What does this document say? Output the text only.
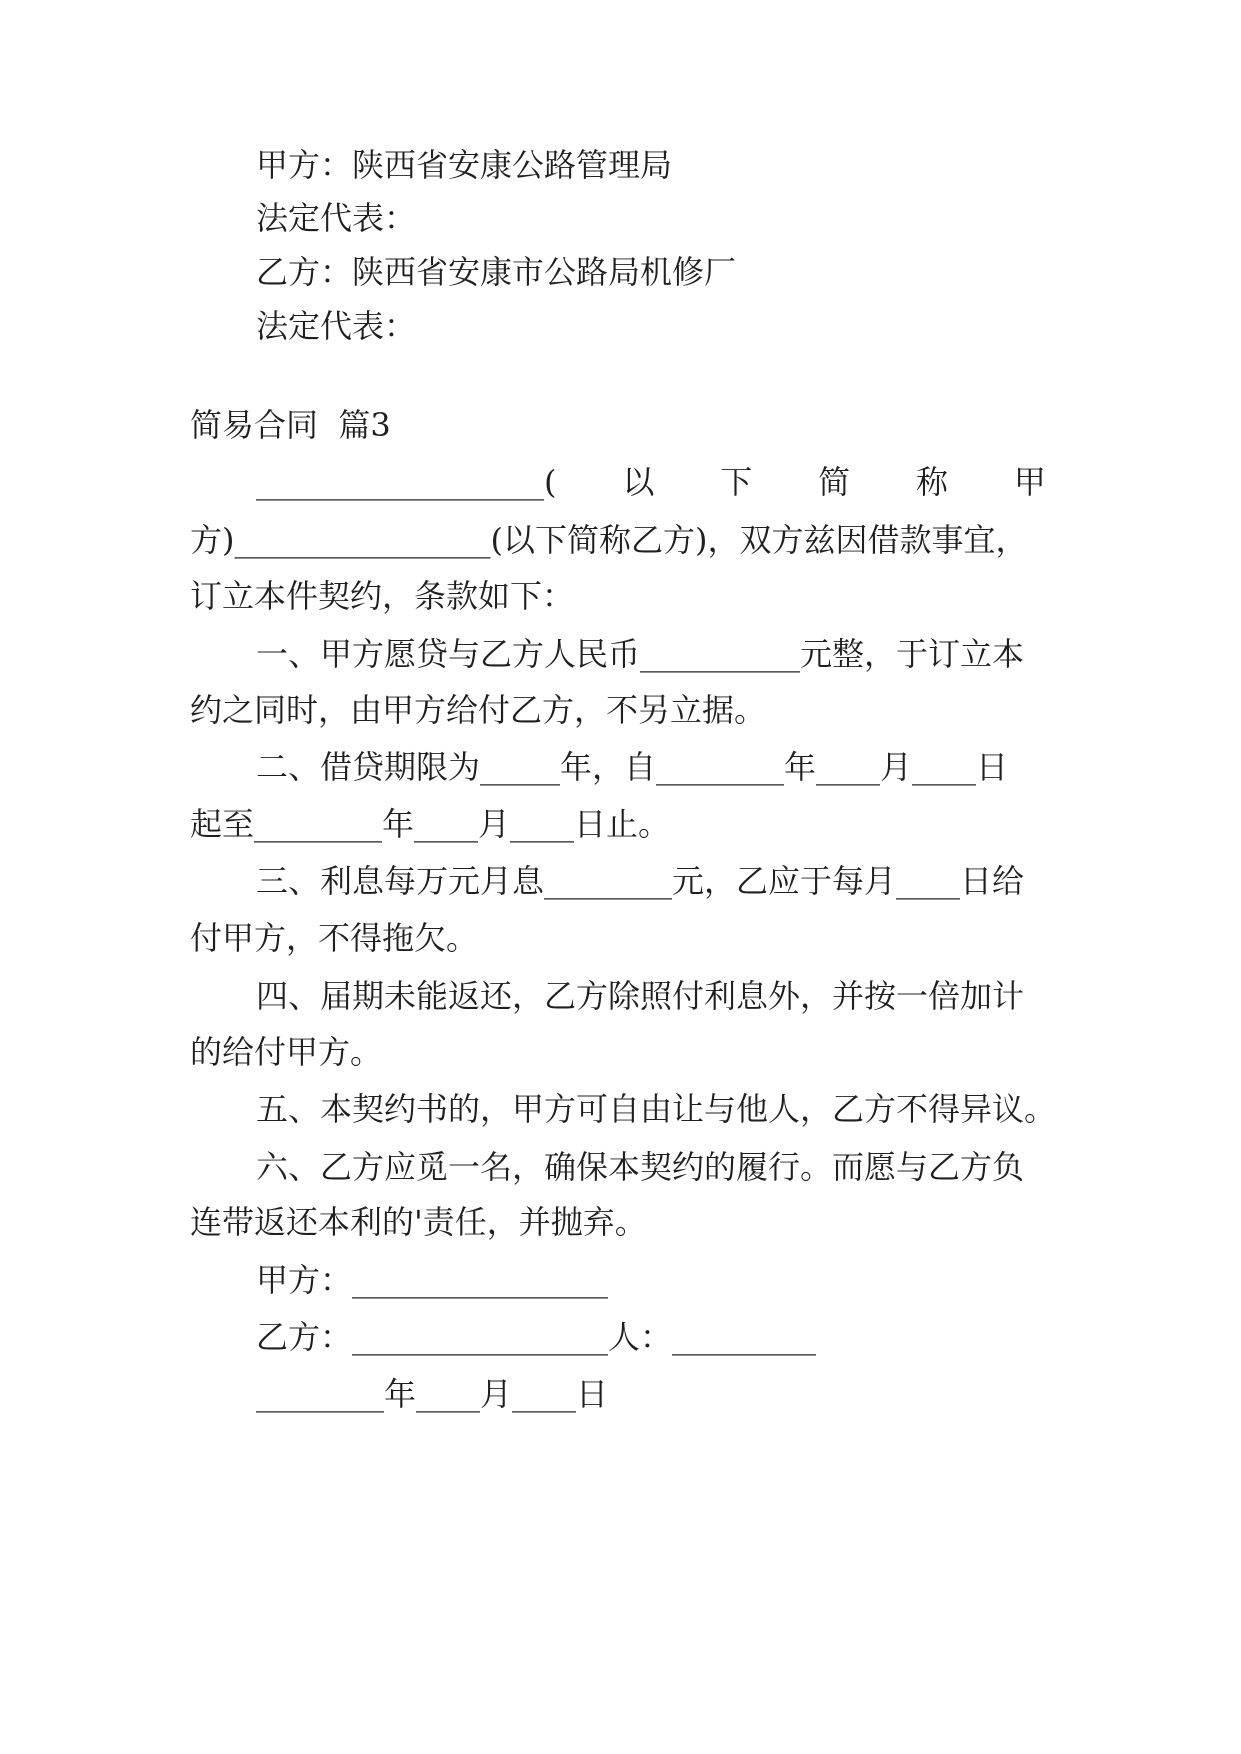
甲方：陕西省安康公路管理局
法定代表：
乙方：陕西省安康市公路局机修厂
法定代表：
简易合同  篇3
__________________( 以 下 简 称 甲
方)________________(以下简称乙方)，双方兹因借款事宜，
订立本件契约，条款如下：
一、甲方愿贷与乙方人民币__________元整，于订立本
约之同时，由甲方给付乙方，不另立据。
二、借贷期限为_____年，自________年____月____日
起至________年____月____日止。
三、利息每万元月息________元，乙应于每月____日给
付甲方，不得拖欠。
四、届期未能返还，乙方除照付利息外，并按一倍加计
的给付甲方。
五、本契约书的，甲方可自由让与他人，乙方不得异议。
六、乙方应觅一名，确保本契约的履行。而愿与乙方负
连带返还本利的'责任，并抛弃。
甲方：________________
乙方：________________人：_________
________年____月____日
